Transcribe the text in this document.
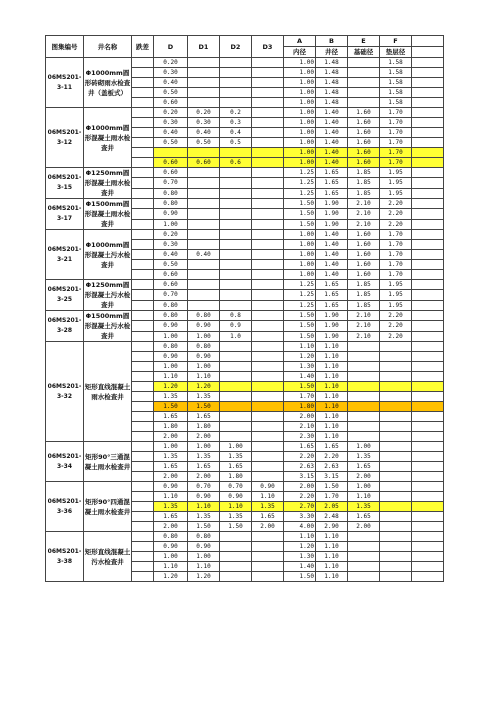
图集编号	井名称	跌差	D	D1	D2	D3	A	B	E	F	
							内径	井径	基础径	垫层径	
06MS201-3-11	Φ1000mm圆形砖砌雨水检查井（盖板式）		0.20				1.00	1.48		1.58	
			0.30				1.00	1.48		1.58	
			0.40				1.00	1.48		1.58	
			0.50				1.00	1.48		1.58	
			0.60				1.00	1.48		1.58	
06MS201-3-12	Φ1000mm圆形混凝土雨水检查井		0.20	0.20	0.2		1.00	1.40	1.60	1.70	
			0.30	0.30	0.3		1.00	1.40	1.60	1.70	
			0.40	0.40	0.4		1.00	1.40	1.60	1.70	
			0.50	0.50	0.5		1.00	1.40	1.60	1.70	
							1.00	1.40	1.60	1.70	
			0.60	0.60	0.6		1.00	1.40	1.60	1.70	
06MS201-3-15	Φ1250mm圆形混凝土雨水检查井		0.60				1.25	1.65	1.85	1.95	
			0.70				1.25	1.65	1.85	1.95	
			0.80				1.25	1.65	1.85	1.95	
06MS201-3-17	Φ1500mm圆形混凝土雨水检查井		0.80				1.50	1.90	2.10	2.20	
			0.90				1.50	1.90	2.10	2.20	
			1.00				1.50	1.90	2.10	2.20	
06MS201-3-21	Φ1000mm圆形混凝土污水检查井		0.20				1.00	1.40	1.60	1.70	
			0.30				1.00	1.40	1.60	1.70	
			0.40	0.40			1.00	1.40	1.60	1.70	
			0.50				1.00	1.40	1.60	1.70	
			0.60				1.00	1.40	1.60	1.70	
06MS201-3-25	Φ1250mm圆形混凝土污水检查井		0.60				1.25	1.65	1.85	1.95	
			0.70				1.25	1.65	1.85	1.95	
			0.80				1.25	1.65	1.85	1.95	
06MS201-3-28	Φ1500mm圆形混凝土污水检查井		0.80	0.80	0.8		1.50	1.90	2.10	2.20	
			0.90	0.90	0.9		1.50	1.90	2.10	2.20	
			1.00	1.00	1.0		1.50	1.90	2.10	2.20	
06MS201-3-32	矩形直线混凝土雨水检查井		0.80	0.80			1.10	1.10			
			0.90	0.90			1.20	1.10			
			1.00	1.00			1.30	1.10			
			1.10	1.10			1.40	1.10			
			1.20	1.20			1.50	1.10			
			1.35	1.35			1.70	1.10			
			1.50	1.50			1.80	1.10			
			1.65	1.65			2.00	1.10			
			1.80	1.80			2.10	1.10			
			2.00	2.00			2.30	1.10			
06MS201-3-34	矩形90°三通混凝土雨水检查井		1.00	1.00	1.00		1.65	1.65	1.00		
			1.35	1.35	1.35		2.20	2.20	1.35		
			1.65	1.65	1.65		2.63	2.63	1.65		
			2.00	2.00	1.80		3.15	3.15	2.00		
06MS201-3-36	矩形90°四通混凝土雨水检查井		0.90	0.70	0.70	0.90	2.00	1.50	1.00		
			1.10	0.90	0.90	1.10	2.20	1.70	1.10		
			1.35	1.10	1.10	1.35	2.70	2.05	1.35		
			1.65	1.35	1.35	1.65	3.30	2.48	1.65		
			2.00	1.50	1.50	2.00	4.00	2.90	2.00		
06MS201-3-38	矩形直线混凝土污水检查井		0.80	0.80			1.10	1.10			
			0.90	0.90			1.20	1.10			
			1.00	1.00			1.30	1.10			
			1.10	1.10			1.40	1.10			
			1.20	1.20			1.50	1.10			
